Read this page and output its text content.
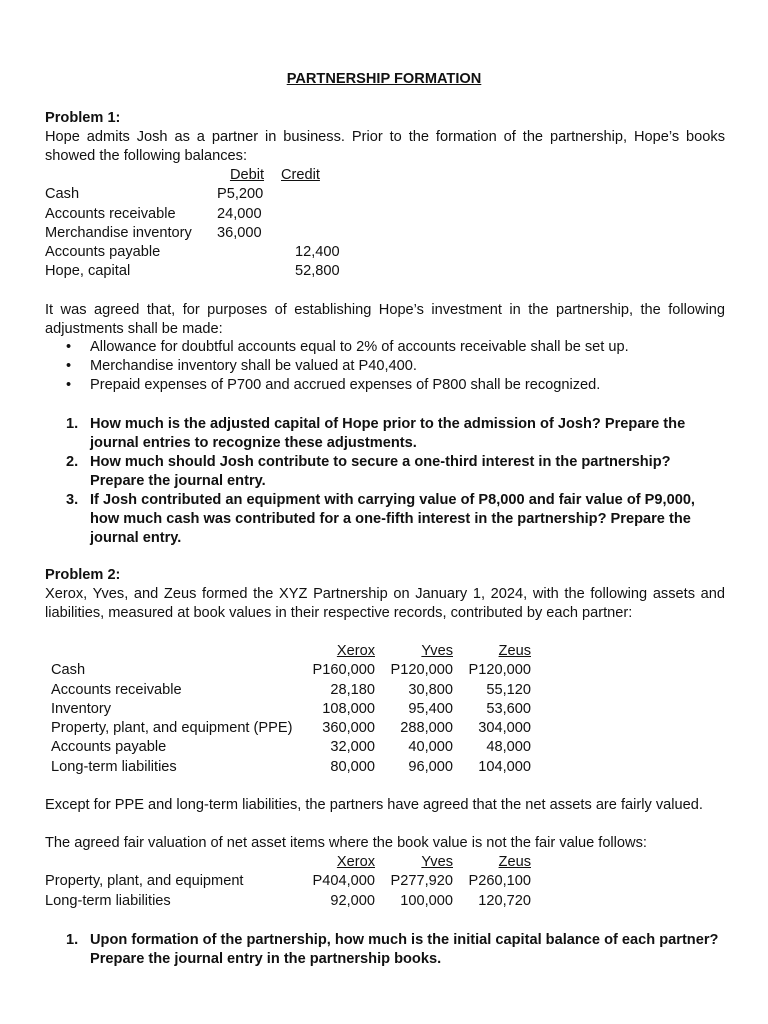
PARTNERSHIP FORMATION
Problem 1:
Hope admits Josh as a partner in business. Prior to the formation of the partnership, Hope’s books showed the following balances:
	Debit	Credit
Cash	P5,200	
Accounts receivable	24,000	
Merchandise inventory	36,000	
Accounts payable		12,400
Hope, capital		52,800
It was agreed that, for purposes of establishing Hope’s investment in the partnership, the following adjustments shall be made:
• Allowance for doubtful accounts equal to 2% of accounts receivable shall be set up.
• Merchandise inventory shall be valued at P40,400.
• Prepaid expenses of P700 and accrued expenses of P800 shall be recognized.
1. How much is the adjusted capital of Hope prior to the admission of Josh? Prepare the journal entries to recognize these adjustments.
2. How much should Josh contribute to secure a one-third interest in the partnership? Prepare the journal entry.
3. If Josh contributed an equipment with carrying value of P8,000 and fair value of P9,000, how much cash was contributed for a one-fifth interest in the partnership? Prepare the journal entry.
Problem 2:
Xerox, Yves, and Zeus formed the XYZ Partnership on January 1, 2024, with the following assets and liabilities, measured at book values in their respective records, contributed by each partner:
	Xerox	Yves	Zeus
Cash	P160,000	P120,000	P120,000
Accounts receivable	28,180	30,800	55,120
Inventory	108,000	95,400	53,600
Property, plant, and equipment (PPE)	360,000	288,000	304,000
Accounts payable	32,000	40,000	48,000
Long-term liabilities	80,000	96,000	104,000
Except for PPE and long-term liabilities, the partners have agreed that the net assets are fairly valued.
The agreed fair valuation of net asset items where the book value is not the fair value follows:
	Xerox	Yves	Zeus
Property, plant, and equipment	P404,000	P277,920	P260,100
Long-term liabilities	92,000	100,000	120,720
1. Upon formation of the partnership, how much is the initial capital balance of each partner? Prepare the journal entry in the partnership books.
